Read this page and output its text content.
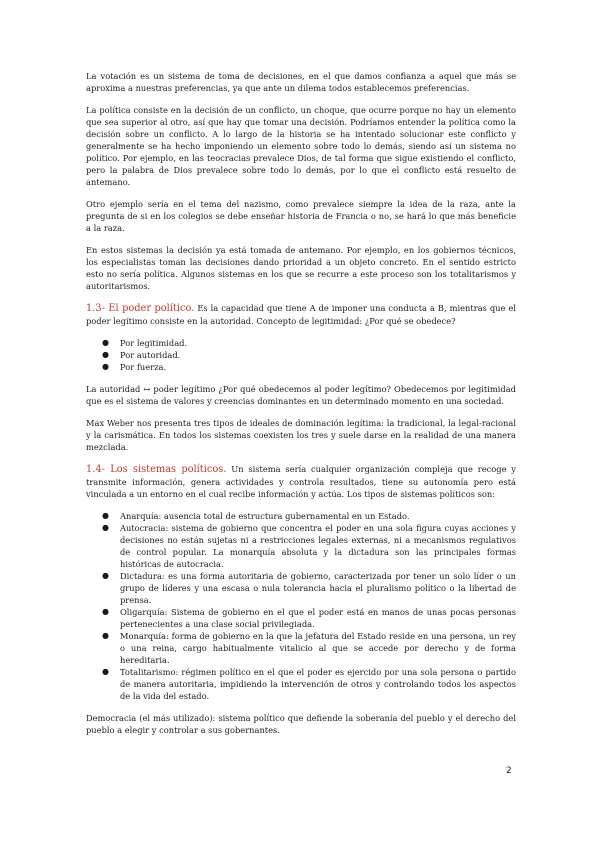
La votación es un sistema de toma de decisiones, en el que damos confianza a aquel que más se aproxima a nuestras preferencias, ya que ante un dilema todos establecemos preferencias.

La política consiste en la decisión de un conflicto, un choque, que ocurre porque no hay un elemento que sea superior al otro, así que hay que tomar una decisión. Podríamos entender la política como la decisión sobre un conflicto. A lo largo de la historia se ha intentado solucionar este conflicto y generalmente se ha hecho imponiendo un elemento sobre todo lo demás, siendo así un sistema no político. Por ejemplo, en las teocracias prevalece Dios, de tal forma que sigue existiendo el conflicto, pero la palabra de Dios prevalece sobre todo lo demás, por lo que el conflicto está resuelto de antemano.

Otro ejemplo sería en el tema del nazismo, como prevalece siempre la idea de la raza, ante la pregunta de si en los colegios se debe enseñar historia de Francia o no, se hará lo que más beneficie a la raza.

En estos sistemas la decisión ya está tomada de antemano. Por ejemplo, en los gobiernos técnicos, los especialistas toman las decisiones dando prioridad a un objeto concreto. En el sentido estricto esto no sería política. Algunos sistemas en los que se recurre a este proceso son los totalitarismos y autoritarismos.

1.3- El poder político. Es la capacidad que tiene A de imponer una conducta a B, mientras que el poder legítimo consiste en la autoridad. Concepto de legitimidad: ¿Por qué se obedece?

● Por legitimidad.
● Por autoridad.
● Por fuerza.

La autoridad ↔ poder legítimo ¿Por qué obedecemos al poder legítimo? Obedecemos por legitimidad que es el sistema de valores y creencias dominantes en un determinado momento en una sociedad.

Max Weber nos presenta tres tipos de ideales de dominación legítima: la tradicional, la legal-racional y la carismática. En todos los sistemas coexisten los tres y suele darse en la realidad de una manera mezclada.

1.4- Los sistemas políticos. Un sistema sería cualquier organización compleja que recoge y transmite información, genera actividades y controla resultados, tiene su autonomía pero está vinculada a un entorno en el cual recibe información y actúa. Los tipos de sistemas políticos son:

● Anarquía: ausencia total de estructura gubernamental en un Estado.
● Autocracia: sistema de gobierno que concentra el poder en una sola figura cuyas acciones y decisiones no están sujetas ni a restricciones legales externas, ni a mecanismos regulativos de control popular. La monarquía absoluta y la dictadura son las principales formas históricas de autocracia.
● Dictadura: es una forma autoritaria de gobierno, caracterizada por tener un solo líder o un grupo de líderes y una escasa o nula tolerancia hacia el pluralismo político o la libertad de prensa.
● Oligarquía: Sistema de gobierno en el que el poder está en manos de unas pocas personas pertenecientes a una clase social privilegiada.
● Monarquía: forma de gobierno en la que la jefatura del Estado reside en una persona, un rey o una reina, cargo habitualmente vitalicio al que se accede por derecho y de forma hereditaria.
● Totalitarismo: régimen político en el que el poder es ejercido por una sola persona o partido de manera autoritaria, impidiendo la intervención de otros y controlando todos los aspectos de la vida del estado.

Democracia (el más utilizado): sistema político que defiende la soberanía del pueblo y el derecho del pueblo a elegir y controlar a sus gobernantes.

2
